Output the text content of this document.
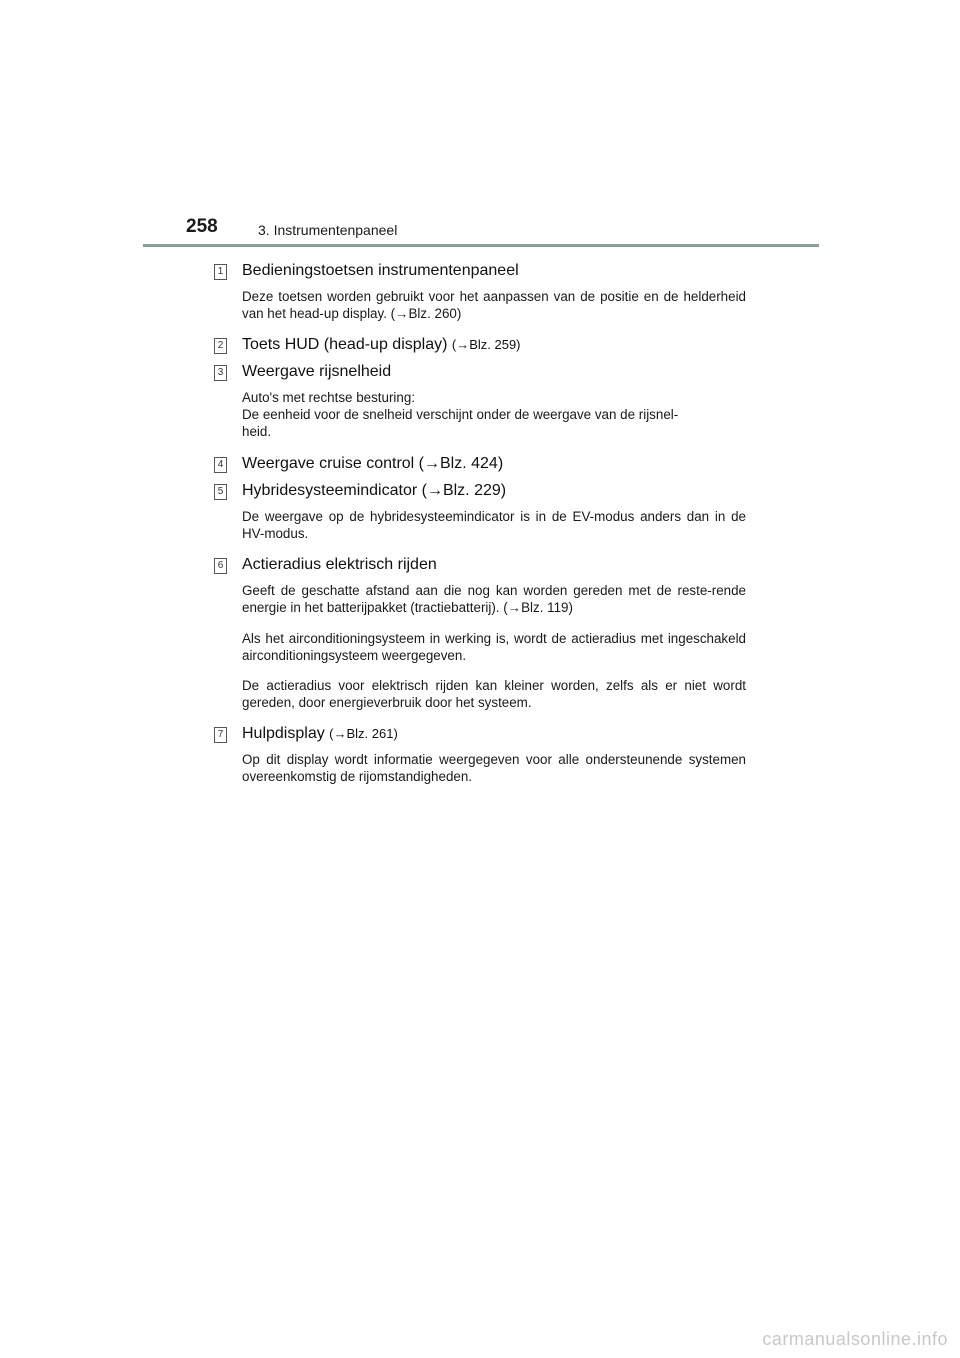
258	3. Instrumentenpaneel
1 Bedieningstoetsen instrumentenpaneel

Deze toetsen worden gebruikt voor het aanpassen van de positie en de helderheid van het head-up display. (→Blz. 260)

2 Toets HUD (head-up display) (→Blz. 259)
3 Weergave rijsnelheid

Auto's met rechtse besturing:
De eenheid voor de snelheid verschijnt onder de weergave van de rijsnel-
heid.

4 Weergave cruise control (→Blz. 424)
5 Hybridesysteemindicator (→Blz. 229)

De weergave op de hybridesysteemindicator is in de EV-modus anders dan in de HV-modus.

6 Actieradius elektrisch rijden

Geeft de geschatte afstand aan die nog kan worden gereden met de reste-rende energie in het batterijpakket (tractiebatterij). (→Blz. 119)

Als het airconditioningsysteem in werking is, wordt de actieradius met ingeschakeld airconditioningsysteem weergegeven.

De actieradius voor elektrisch rijden kan kleiner worden, zelfs als er niet wordt gereden, door energieverbruik door het systeem.

7 Hulpdisplay (→Blz. 261)

Op dit display wordt informatie weergegeven voor alle ondersteunende systemen overeenkomstig de rijomstandigheden.

carmanualsonline.info
